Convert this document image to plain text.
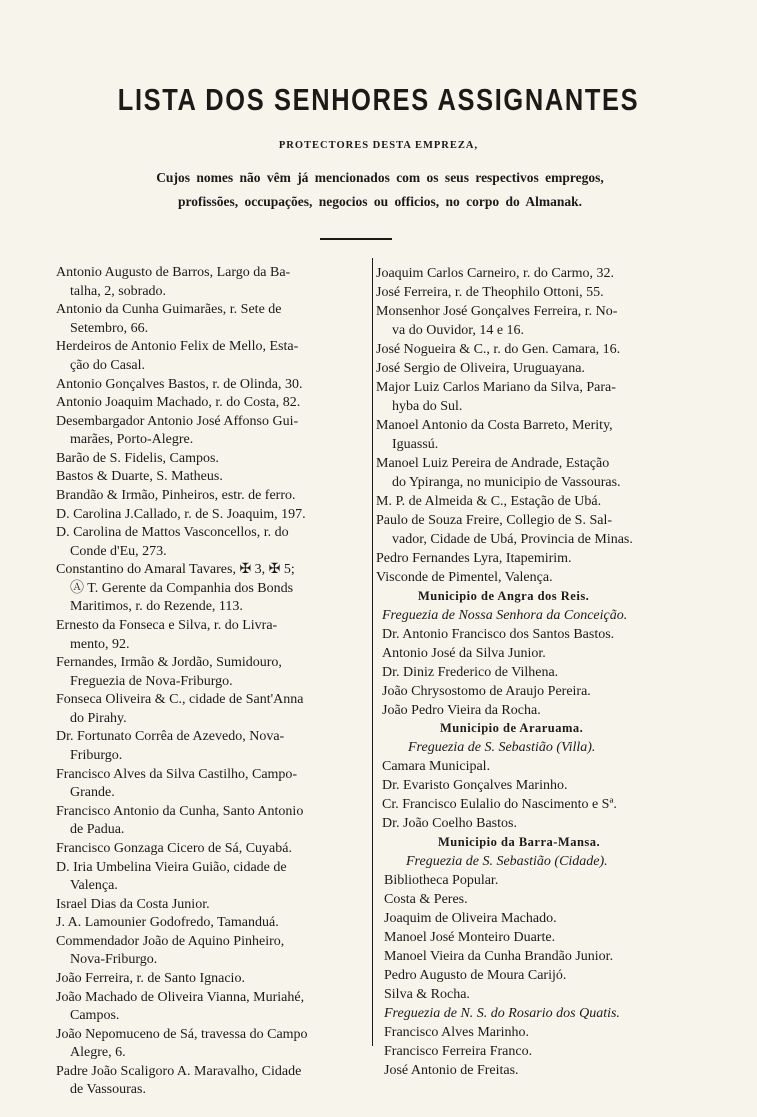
LISTA DOS SENHORES ASSIGNANTES
PROTECTORES DESTA EMPREZA,
Cujos nomes não vêm já mencionados com os seus respectivos empregos,
profissões, occupações, negocios ou officios, no corpo do Almanak.
Antonio Augusto de Barros, Largo da Ba-
talha, 2, sobrado.
Antonio da Cunha Guimarães, r. Sete de
Setembro, 66.
Herdeiros de Antonio Felix de Mello, Esta-
ção do Casal.
Antonio Gonçalves Bastos, r. de Olinda, 30.
Antonio Joaquim Machado, r. do Costa, 82.
Desembargador Antonio José Affonso Gui-
marães, Porto-Alegre.
Barão de S. Fidelis, Campos.
Bastos & Duarte, S. Matheus.
Brandão & Irmão, Pinheiros, estr. de ferro.
D. Carolina J.Callado, r. de S. Joaquim, 197.
D. Carolina de Mattos Vasconcellos, r. do
Conde d'Eu, 273.
Constantino do Amaral Tavares, ✠ 3, ✠ 5;
Ⓐ T. Gerente da Companhia dos Bonds
Maritimos, r. do Rezende, 113.
Ernesto da Fonseca e Silva, r. do Livra-
mento, 92.
Fernandes, Irmão & Jordão, Sumidouro,
Freguezia de Nova-Friburgo.
Fonseca Oliveira & C., cidade de Sant'Anna
do Pirahy.
Dr. Fortunato Corrêa de Azevedo, Nova-
Friburgo.
Francisco Alves da Silva Castilho, Campo-
Grande.
Francisco Antonio da Cunha, Santo Antonio
de Padua.
Francisco Gonzaga Cicero de Sá, Cuyabá.
D. Iria Umbelina Vieira Guião, cidade de
Valença.
Israel Dias da Costa Junior.
J. A. Lamounier Godofredo, Tamanduá.
Commendador João de Aquino Pinheiro,
Nova-Friburgo.
João Ferreira, r. de Santo Ignacio.
João Machado de Oliveira Vianna, Muriahé,
Campos.
João Nepomuceno de Sá, travessa do Campo
Alegre, 6.
Padre João Scaligoro A. Maravalho, Cidade
de Vassouras.
Joaquim Carlos Carneiro, r. do Carmo, 32.
José Ferreira, r. de Theophilo Ottoni, 55.
Monsenhor José Gonçalves Ferreira, r. No-
va do Ouvidor, 14 e 16.
José Nogueira & C., r. do Gen. Camara, 16.
José Sergio de Oliveira, Uruguayana.
Major Luiz Carlos Mariano da Silva, Para-
hyba do Sul.
Manoel Antonio da Costa Barreto, Merity,
Iguassú.
Manoel Luiz Pereira de Andrade, Estação
do Ypiranga, no municipio de Vassouras.
M. P. de Almeida & C., Estação de Ubá.
Paulo de Souza Freire, Collegio de S. Sal-
vador, Cidade de Ubá, Provincia de Minas.
Pedro Fernandes Lyra, Itapemirim.
Visconde de Pimentel, Valença.
Municipio de Angra dos Reis.
Freguezia de Nossa Senhora da Conceição.
Dr. Antonio Francisco dos Santos Bastos.
Antonio José da Silva Junior.
Dr. Diniz Frederico de Vilhena.
João Chrysostomo de Araujo Pereira.
João Pedro Vieira da Rocha.
Municipio de Araruama.
Freguezia de S. Sebastião (Villa).
Camara Municipal.
Dr. Evaristo Gonçalves Marinho.
Cr. Francisco Eulalio do Nascimento e Sª.
Dr. João Coelho Bastos.
Municipio da Barra-Mansa.
Freguezia de S. Sebastião (Cidade).
Bibliotheca Popular.
Costa & Peres.
Joaquim de Oliveira Machado.
Manoel José Monteiro Duarte.
Manoel Vieira da Cunha Brandão Junior.
Pedro Augusto de Moura Carijó.
Silva & Rocha.
Freguezia de N. S. do Rosario dos Quatis.
Francisco Alves Marinho.
Francisco Ferreira Franco.
José Antonio de Freitas.
